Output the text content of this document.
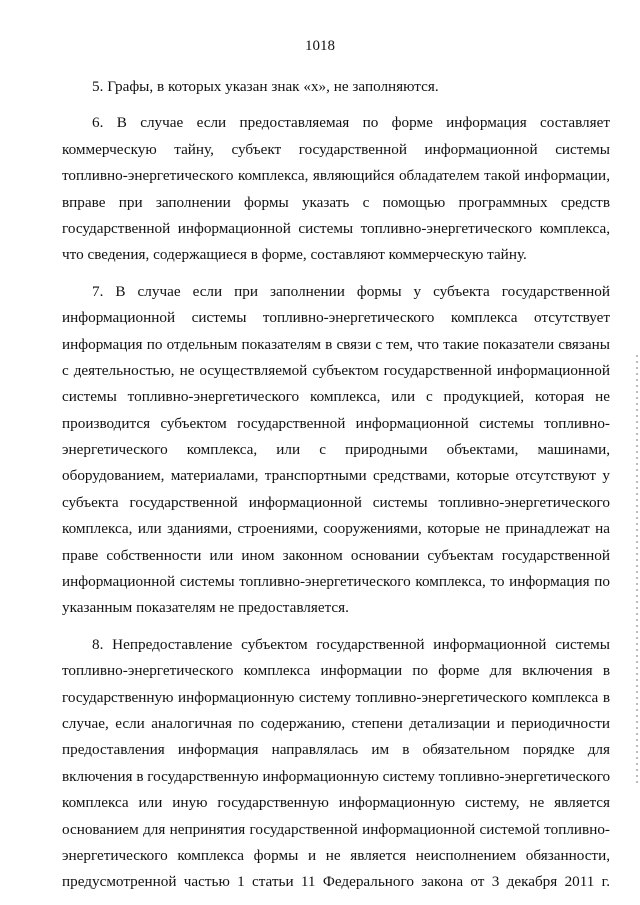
1018
5. Графы, в которых указан знак «х», не заполняются.
6. В случае если предоставляемая по форме информация составляет
коммерческую тайну, субъект государственной информационной системы
топливно-энергетического комплекса, являющийся обладателем такой информации,
вправе при заполнении формы указать с помощью программных средств
государственной информационной системы топливно-энергетического комплекса,
что сведения, содержащиеся в форме, составляют коммерческую тайну.
7. В случае если при заполнении формы у субъекта государственной
информационной системы топливно-энергетического комплекса отсутствует
информация по отдельным показателям в связи с тем, что такие показатели связаны
с деятельностью, не осуществляемой субъектом государственной информационной
системы топливно-энергетического комплекса, или с продукцией, которая не
производится субъектом государственной информационной системы топливно-
энергетического комплекса, или с природными объектами, машинами,
оборудованием, материалами, транспортными средствами, которые отсутствуют у
субъекта государственной информационной системы топливно-энергетического
комплекса, или зданиями, строениями, сооружениями, которые не принадлежат на
праве собственности или ином законном основании субъектам государственной
информационной системы топливно-энергетического комплекса, то информация по
указанным показателям не предоставляется.
8. Непредоставление субъектом государственной информационной системы
топливно-энергетического комплекса информации по форме для включения в
государственную информационную систему топливно-энергетического комплекса в
случае, если аналогичная по содержанию, степени детализации и периодичности
предоставления информация направлялась им в обязательном порядке для
включения в государственную информационную систему топливно-энергетического
комплекса или иную государственную информационную систему, не является
основанием для непринятия государственной информационной системой топливно-
энергетического комплекса формы и не является неисполнением обязанности,
предусмотренной частью 1 статьи 11 Федерального закона от 3 декабря 2011 г.
